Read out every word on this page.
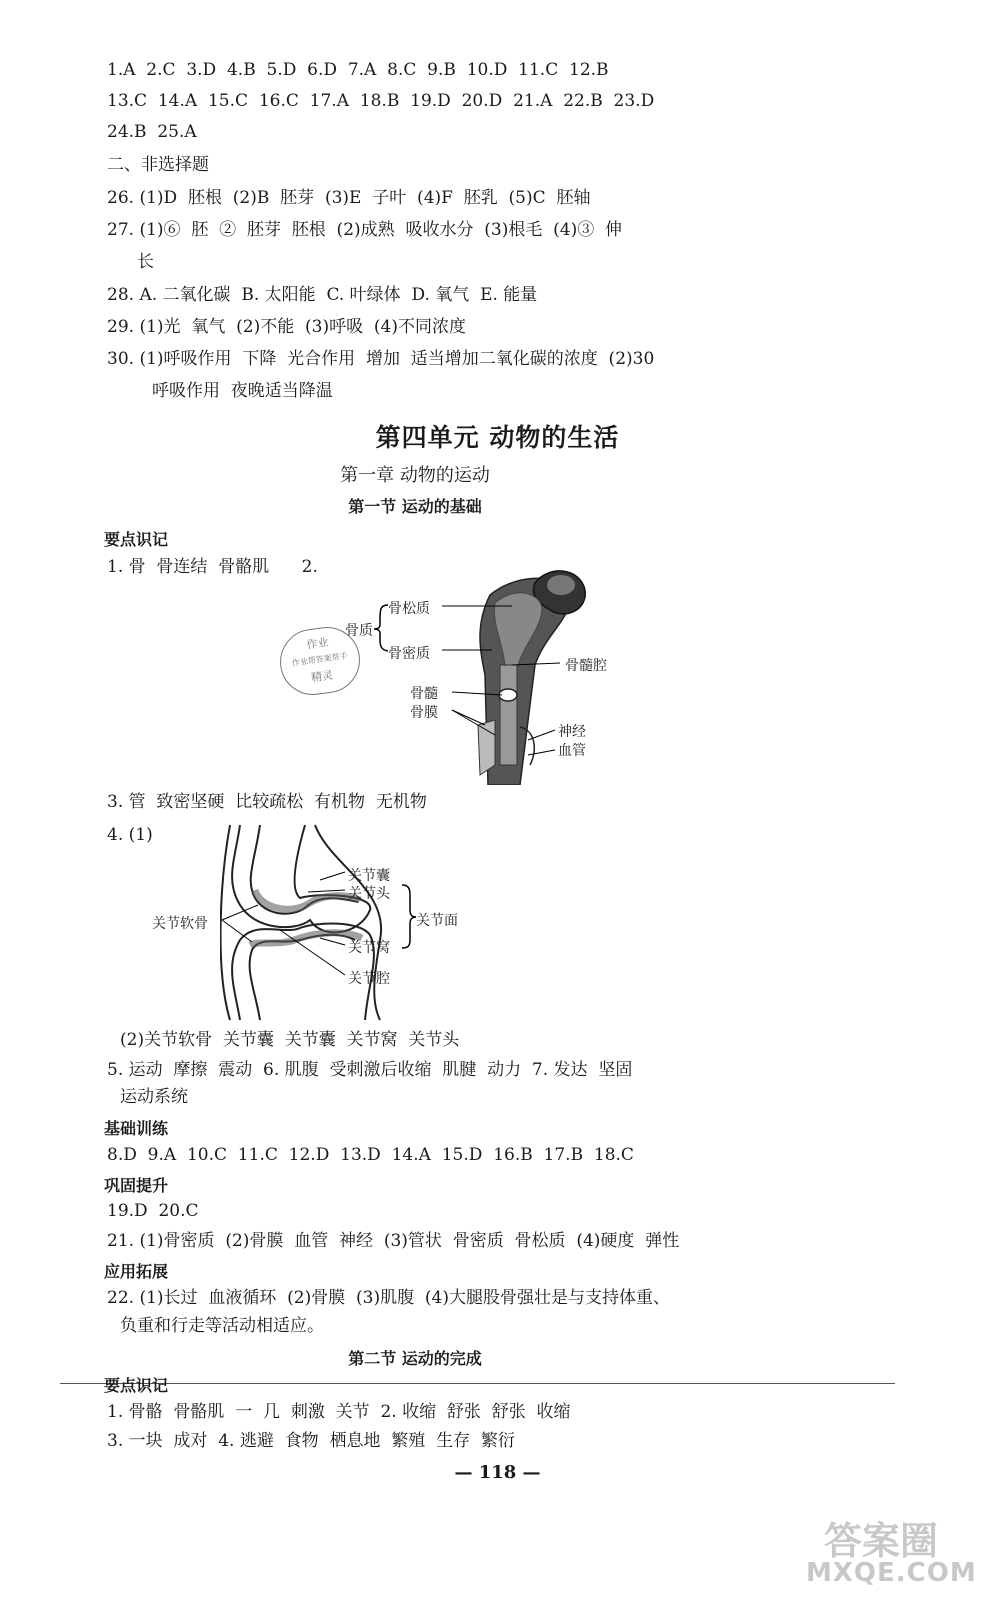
1.A  2.C  3.D  4.B  5.D  6.D  7.A  8.C  9.B  10.D  11.C  12.B
13.C  14.A  15.C  16.C  17.A  18.B  19.D  20.D  21.A  22.B  23.D
24.B  25.A
二、非选择题
26. (1)D  胚根  (2)B  胚芽  (3)E  子叶  (4)F  胚乳  (5)C  胚轴
27. (1)⑥  胚  ②  胚芽  胚根  (2)成熟  吸收水分  (3)根毛  (4)③  伸
长
28. A. 二氧化碳  B. 太阳能  C. 叶绿体  D. 氧气  E. 能量
29. (1)光  氧气  (2)不能  (3)呼吸  (4)不同浓度
30. (1)呼吸作用  下降  光合作用  增加  适当增加二氧化碳的浓度  (2)30
呼吸作用  夜晚适当降温
第四单元 动物的生活
第一章 动物的运动
第一节 运动的基础
要点识记
1. 骨  骨连结  骨骼肌      2.
骨松质
骨质
骨密质
骨髓腔
骨髓
骨膜
神经
血管
作业
作业帮答案帮手
精灵
3. 管  致密坚硬  比较疏松  有机物  无机物
4. (1)
关节囊
关节头
关节面
关节软骨
关节窝
关节腔
(2)关节软骨  关节囊  关节囊  关节窝  关节头
5. 运动  摩擦  震动  6. 肌腹  受刺激后收缩  肌腱  动力  7. 发达  坚固
运动系统
基础训练
8.D  9.A  10.C  11.C  12.D  13.D  14.A  15.D  16.B  17.B  18.C
巩固提升
19.D  20.C
21. (1)骨密质  (2)骨膜  血管  神经  (3)管状  骨密质  骨松质  (4)硬度  弹性
应用拓展
22. (1)长过  血液循环  (2)骨膜  (3)肌腹  (4)大腿股骨强壮是与支持体重、
负重和行走等活动相适应。
第二节 运动的完成
要点识记
1. 骨骼  骨骼肌  一  几  刺激  关节  2. 收缩  舒张  舒张  收缩
3. 一块  成对  4. 逃避  食物  栖息地  繁殖  生存  繁衍
— 118 —
答案圈
MXQE.COM
